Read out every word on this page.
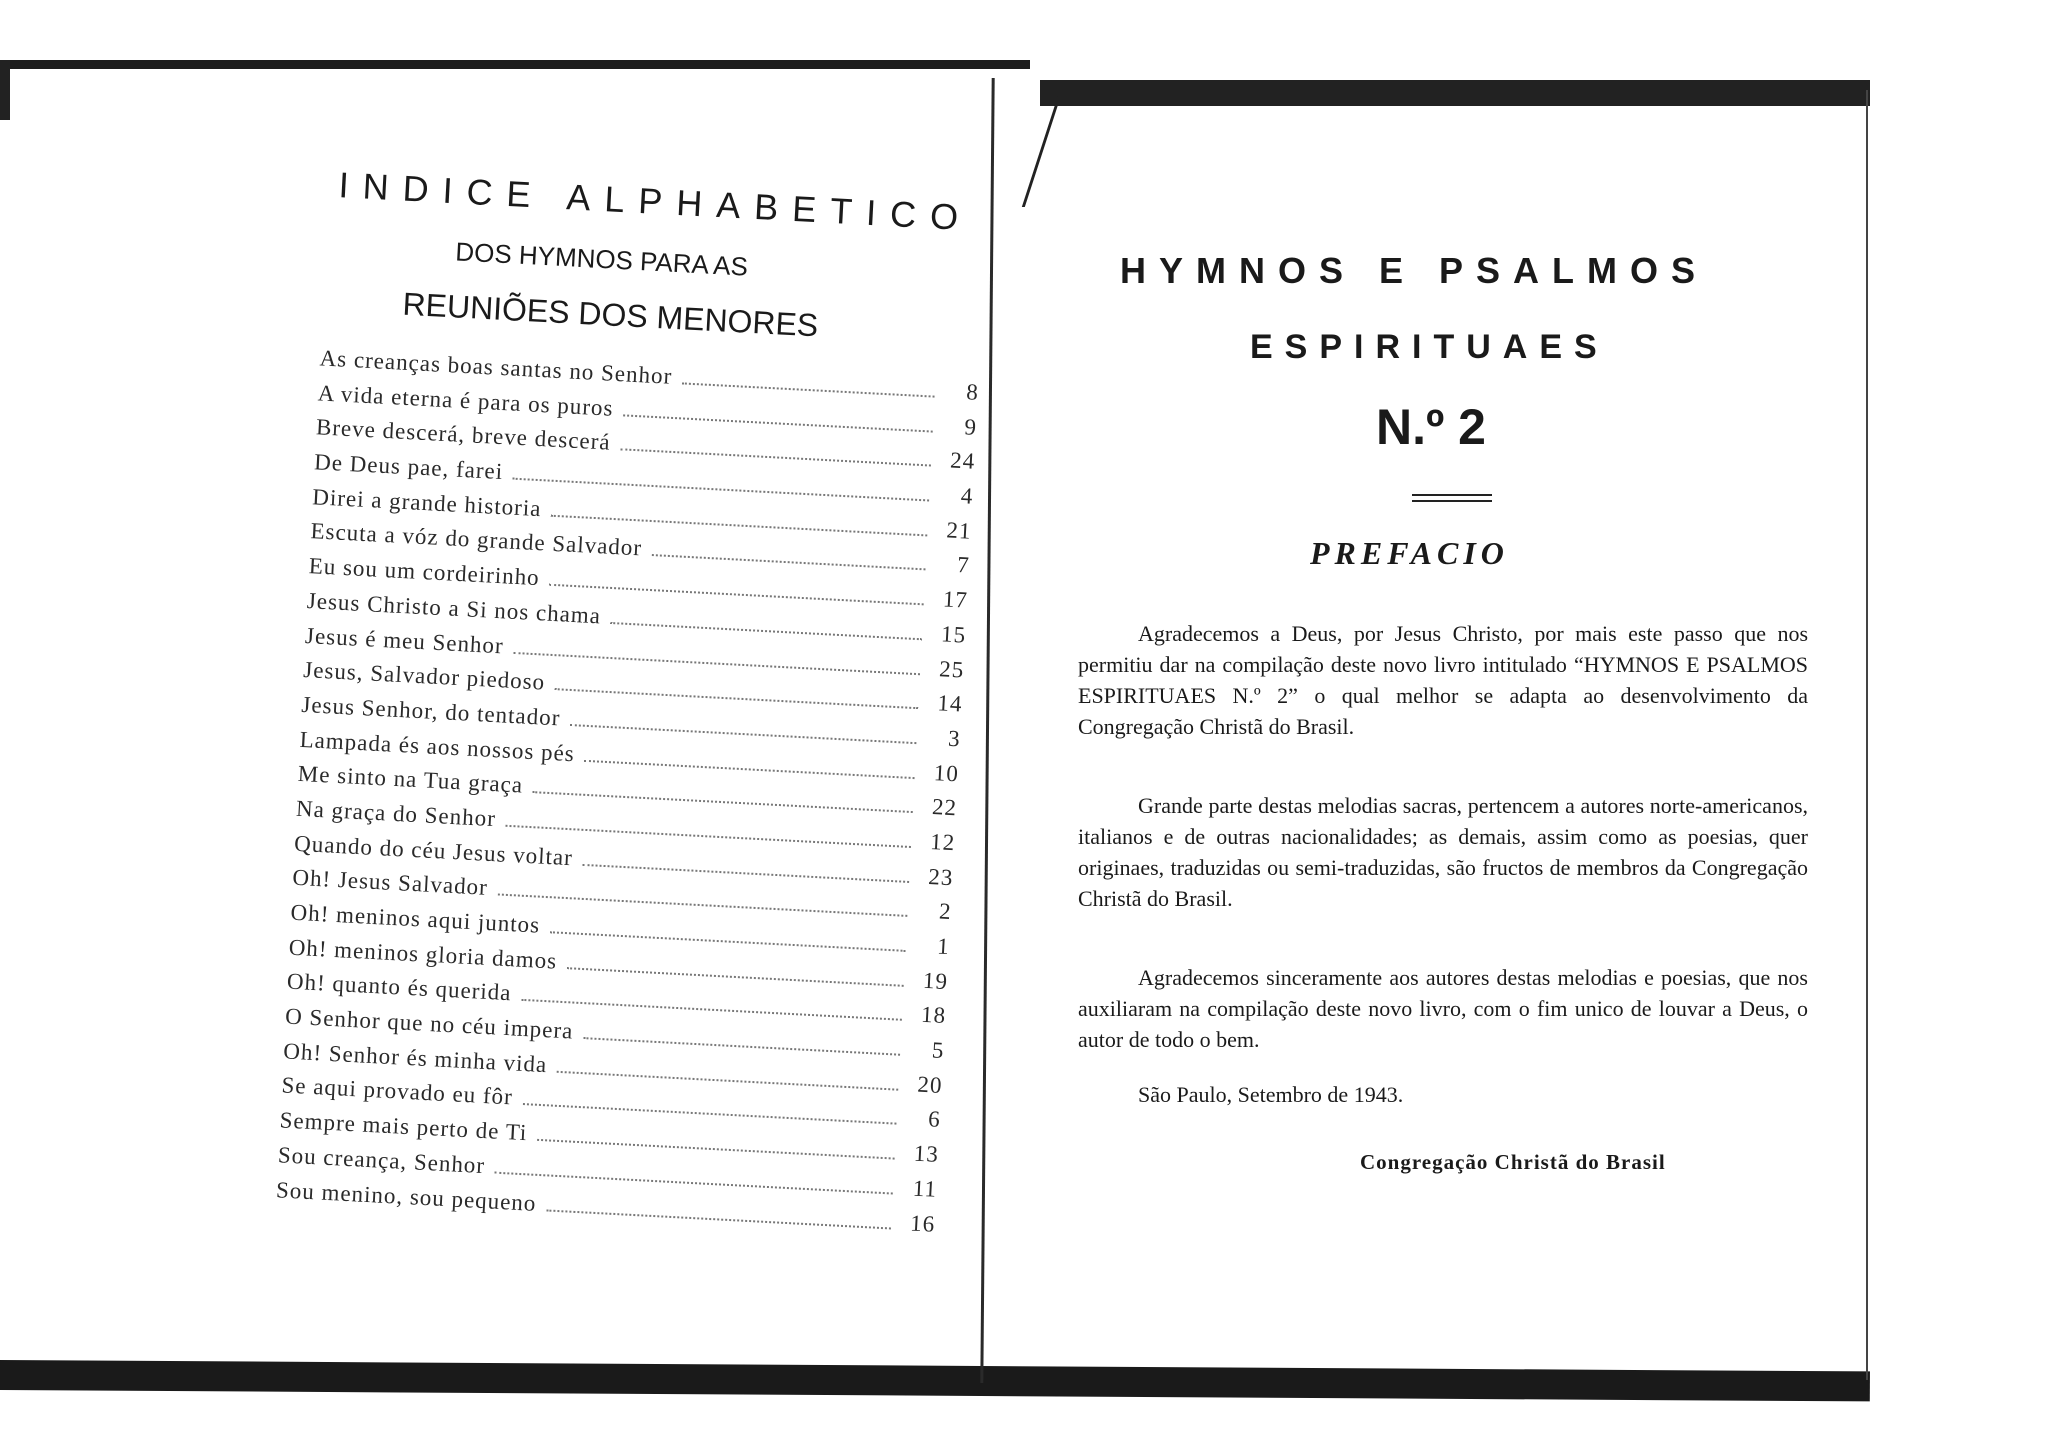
INDICE ALPHABETICO
DOS HYMNOS PARA AS
REUNIÕES DOS MENORES
As creanças boas santas no Senhor
8
A vida eterna é para os puros
9
Breve descerá, breve descerá
24
De Deus pae, farei
4
Direi a grande historia
21
Escuta a vóz do grande Salvador
7
Eu sou um cordeirinho
17
Jesus Christo a Si nos chama
15
Jesus é meu Senhor
25
Jesus, Salvador piedoso
14
Jesus Senhor, do tentador
3
Lampada és aos nossos pés
10
Me sinto na Tua graça
22
Na graça do Senhor
12
Quando do céu Jesus voltar
23
Oh! Jesus Salvador
2
Oh! meninos aqui juntos
1
Oh! meninos gloria damos
19
Oh! quanto és querida
18
O Senhor que no céu impera
5
Oh! Senhor és minha vida
20
Se aqui provado eu fôr
6
Sempre mais perto de Ti
13
Sou creança, Senhor
11
Sou menino, sou pequeno
16
HYMNOS E PSALMOS
ESPIRITUAES
N.º 2
PREFACIO

Agradecemos a Deus, por Jesus Christo, por mais este passo que nos permitiu dar na compilação deste novo livro intitulado “HYMNOS E PSALMOS ESPIRITUAES N.º 2” o qual melhor se adapta ao desenvolvimento da Congregação Christã do Brasil.

Grande parte destas melodias sacras, pertencem a autores norte-americanos, italianos e de outras nacionalidades; as demais, assim como as poesias, quer originaes, traduzidas ou semi-traduzidas, são fructos de membros da Congregação Christã do Brasil.

Agradecemos sinceramente aos autores destas melodias e poesias, que nos auxiliaram na compilação deste novo livro, com o fim unico de louvar a Deus, o autor de todo o bem.

São Paulo, Setembro de 1943.
Congregação Christã do Brasil
